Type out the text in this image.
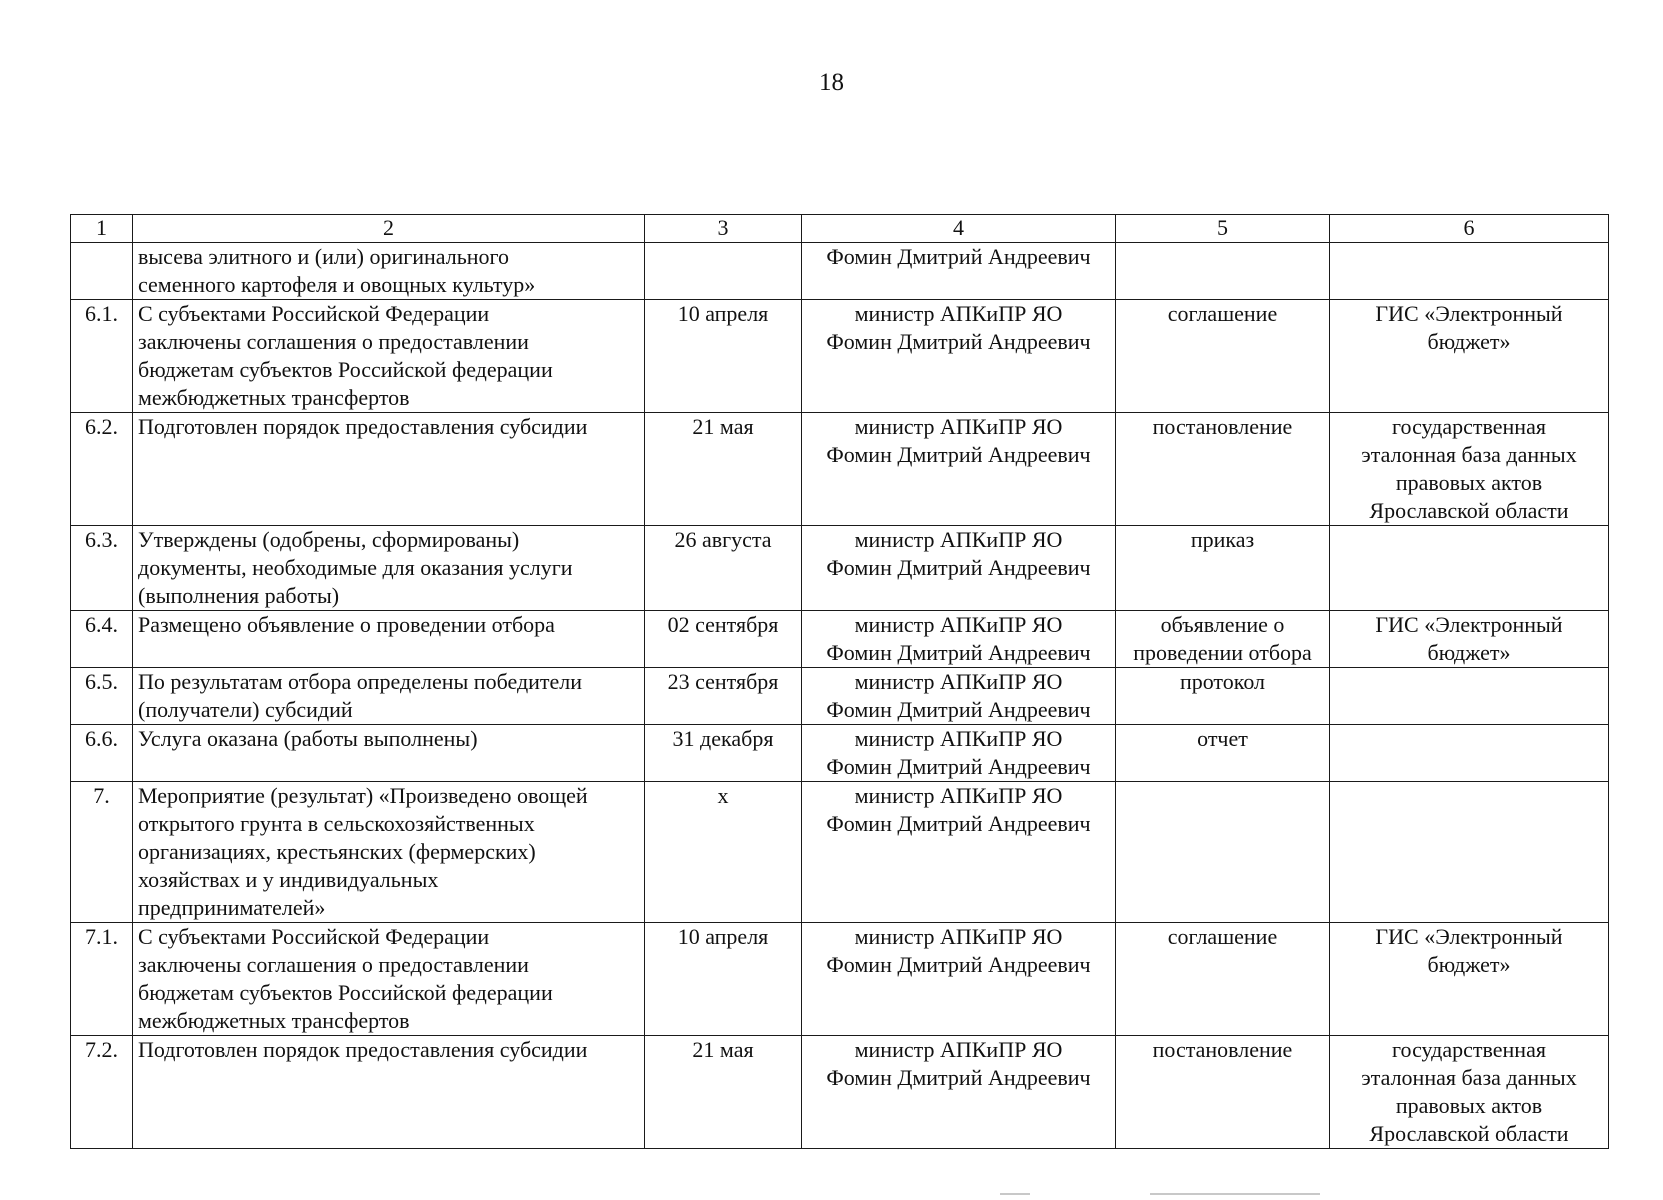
18
1	2	3	4	5	6

	высева элитного и (или) оригинального
семенного картофеля и овощных культур»		Фомин Дмитрий Андреевич		

6.1.	С субъектами Российской Федерации
заключены соглашения о предоставлении
бюджетам субъектов Российской федерации
межбюджетных трансфертов	10 апреля	министр АПКиПР ЯО
Фомин Дмитрий Андреевич	соглашение	ГИС «Электронный
бюджет»

6.2.	Подготовлен порядок предоставления субсидии	21 мая	министр АПКиПР ЯО
Фомин Дмитрий Андреевич	постановление	государственная
эталонная база данных
правовых актов
Ярославской области

6.3.	Утверждены (одобрены, сформированы)
документы, необходимые для оказания услуги
(выполнения работы)	26 августа	министр АПКиПР ЯО
Фомин Дмитрий Андреевич	приказ	

6.4.	Размещено объявление о проведении отбора	02 сентября	министр АПКиПР ЯО
Фомин Дмитрий Андреевич	объявление о
проведении отбора	ГИС «Электронный
бюджет»

6.5.	По результатам отбора определены победители
(получатели) субсидий	23 сентября	министр АПКиПР ЯО
Фомин Дмитрий Андреевич	протокол	

6.6.	Услуга оказана (работы выполнены)	31 декабря	министр АПКиПР ЯО
Фомин Дмитрий Андреевич	отчет	

7.	Мероприятие (результат) «Произведено овощей
открытого грунта в сельскохозяйственных
организациях, крестьянских (фермерских)
хозяйствах и у индивидуальных
предпринимателей»	х	министр АПКиПР ЯО
Фомин Дмитрий Андреевич		

7.1.	С субъектами Российской Федерации
заключены соглашения о предоставлении
бюджетам субъектов Российской федерации
межбюджетных трансфертов	10 апреля	министр АПКиПР ЯО
Фомин Дмитрий Андреевич	соглашение	ГИС «Электронный
бюджет»

7.2.	Подготовлен порядок предоставления субсидии	21 мая	министр АПКиПР ЯО
Фомин Дмитрий Андреевич	постановление	государственная
эталонная база данных
правовых актов
Ярославской области
